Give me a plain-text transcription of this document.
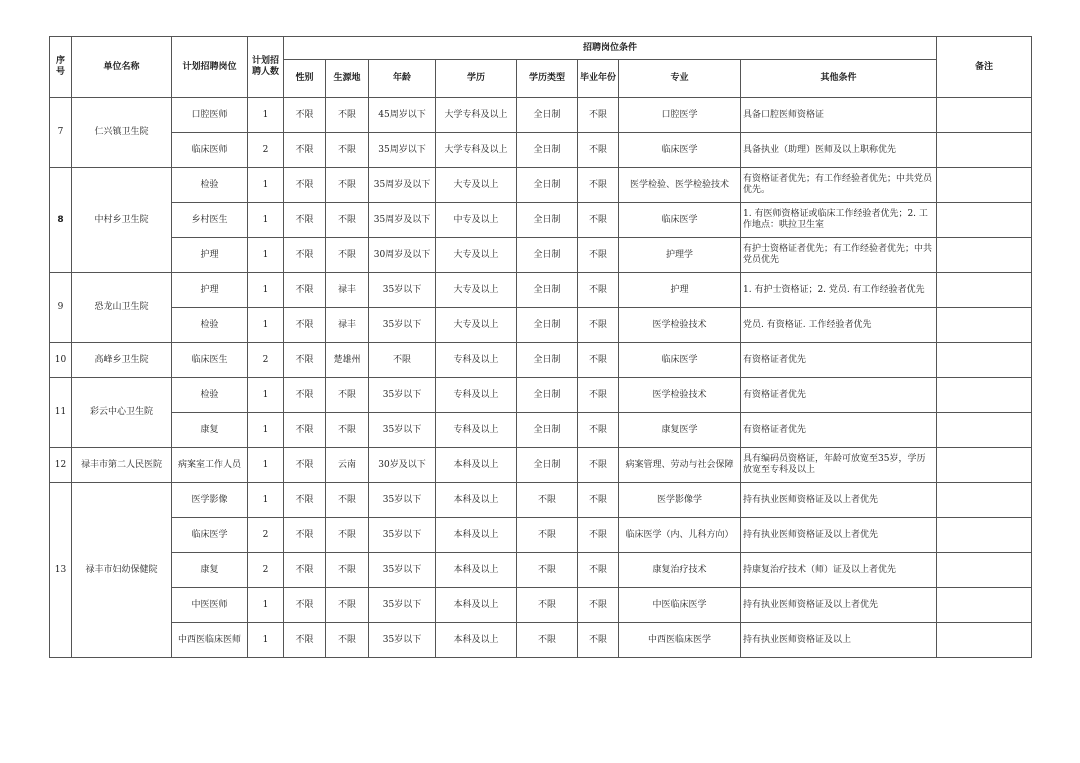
序号	单位名称	计划招聘岗位	计划招聘人数	招聘岗位条件								备注
				性别	生源地	年龄	学历	学历类型	毕业年份	专业	其他条件	
7	仁兴镇卫生院	口腔医师	1	不限	不限	45周岁以下	大学专科及以上	全日制	不限	口腔医学	具备口腔医师资格证	
		临床医师	2	不限	不限	35周岁以下	大学专科及以上	全日制	不限	临床医学	具备执业（助理）医师及以上职称优先	
8	中村乡卫生院	检验	1	不限	不限	35周岁及以下	大专及以上	全日制	不限	医学检验、医学检验技术	有资格证者优先；有工作经验者优先；中共党员优先。	
		乡村医生	1	不限	不限	35周岁及以下	中专及以上	全日制	不限	临床医学	1. 有医师资格证或临床工作经验者优先；2. 工作地点：哄拉卫生室	
		护理	1	不限	不限	30周岁及以下	大专及以上	全日制	不限	护理学	有护士资格证者优先；有工作经验者优先；中共党员优先	
9	恐龙山卫生院	护理	1	不限	禄丰	35岁以下	大专及以上	全日制	不限	护理	1. 有护士资格证；2. 党员. 有工作经验者优先	
		检验	1	不限	禄丰	35岁以下	大专及以上	全日制	不限	医学检验技术	党员. 有资格证. 工作经验者优先	
10	高峰乡卫生院	临床医生	2	不限	楚雄州	不限	专科及以上	全日制	不限	临床医学	有资格证者优先	
11	彩云中心卫生院	检验	1	不限	不限	35岁以下	专科及以上	全日制	不限	医学检验技术	有资格证者优先	
		康复	1	不限	不限	35岁以下	专科及以上	全日制	不限	康复医学	有资格证者优先	
12	禄丰市第二人民医院	病案室工作人员	1	不限	云南	30岁及以下	本科及以上	全日制	不限	病案管理、劳动与社会保障	具有编码员资格证，年龄可放宽至35岁，学历放宽至专科及以上	
13	禄丰市妇幼保健院	医学影像	1	不限	不限	35岁以下	本科及以上	不限	不限	医学影像学	持有执业医师资格证及以上者优先	
		临床医学	2	不限	不限	35岁以下	本科及以上	不限	不限	临床医学（内、儿科方向）	持有执业医师资格证及以上者优先	
		康复	2	不限	不限	35岁以下	本科及以上	不限	不限	康复治疗技术	持康复治疗技术（师）证及以上者优先	
		中医医师	1	不限	不限	35岁以下	本科及以上	不限	不限	中医临床医学	持有执业医师资格证及以上者优先	
		中西医临床医师	1	不限	不限	35岁以下	本科及以上	不限	不限	中西医临床医学	持有执业医师资格证及以上	
